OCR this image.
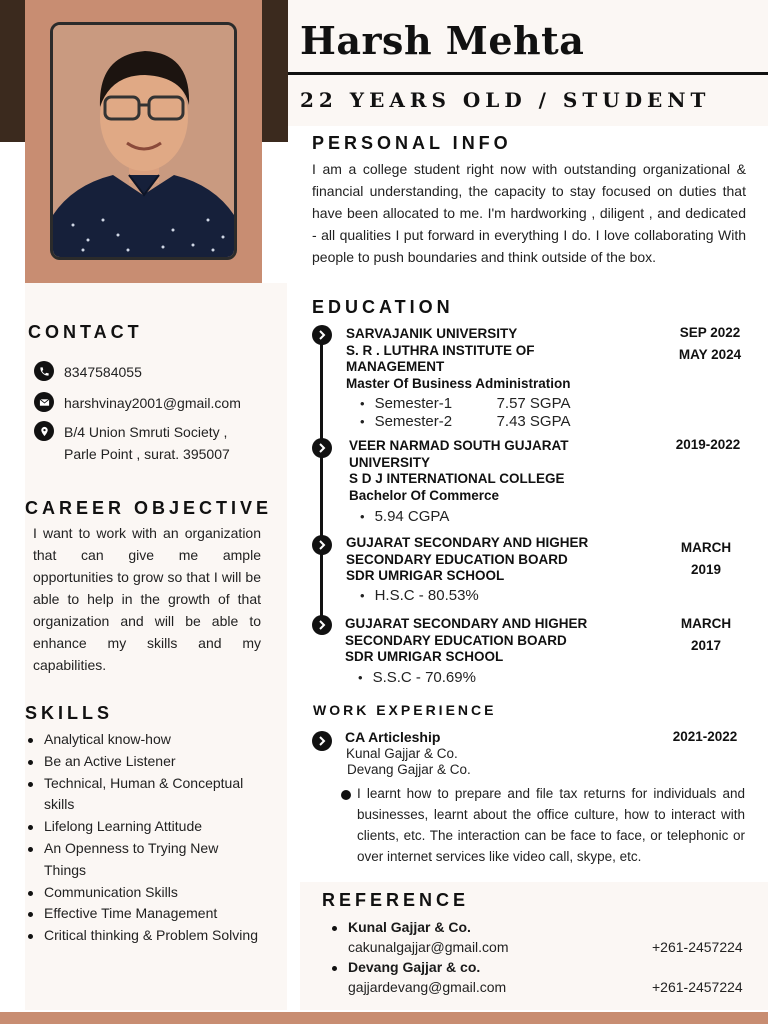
Harsh Mehta
22 YEARS OLD / STUDENT
PERSONAL INFO
I am a college student right now with outstanding organizational & financial understanding, the capacity to stay focused on duties that have been allocated to me. I'm hardworking , diligent , and dedicated - all qualities I put forward in everything I do. I love collaborating With people to push boundaries and think outside of the box.
CONTACT
8347584055
harshvinay2001@gmail.com
B/4 Union Smruti Society ,
Parle Point , surat. 395007
CAREER OBJECTIVE
I want to work with an organization that can give me ample opportunities to grow so that I will be able to help in the growth of that organization and will be able to enhance my skills and my capabilities.
SKILLS
Analytical know-how
Be an Active Listener
Technical, Human & Conceptual skills
Lifelong Learning Attitude
An Openness to Trying New Things
Communication Skills
Effective Time Management
Critical thinking & Problem Solving
EDUCATION
SARVAJANIK UNIVERSITY
S. R . LUTHRA INSTITUTE OF MANAGEMENT
Master Of Business Administration
SEP 2022
MAY 2024
• Semester-1	7.57 SGPA
• Semester-2	7.43 SGPA
VEER NARMAD SOUTH GUJARAT UNIVERSITY
S D J INTERNATIONAL COLLEGE
Bachelor Of Commerce
2019-2022
• 5.94 CGPA
GUJARAT SECONDARY AND HIGHER SECONDARY EDUCATION BOARD
SDR UMRIGAR SCHOOL
MARCH
2019
• H.S.C - 80.53%
GUJARAT SECONDARY AND HIGHER SECONDARY EDUCATION BOARD
SDR UMRIGAR SCHOOL
MARCH
2017
• S.S.C - 70.69%
WORK EXPERIENCE
CA Articleship
Kunal Gajjar & Co.
Devang Gajjar & Co.
2021-2022
I learnt how to prepare and file tax returns for individuals and businesses, learnt about the office culture, how to interact with clients, etc. The interaction can be face to face, or telephonic or over internet services like video call, skype, etc.
REFERENCE
Kunal Gajjar & Co.
cakunalgajjar@gmail.com	+261-2457224
Devang Gajjar & co.
gajjardevang@gmail.com	+261-2457224
